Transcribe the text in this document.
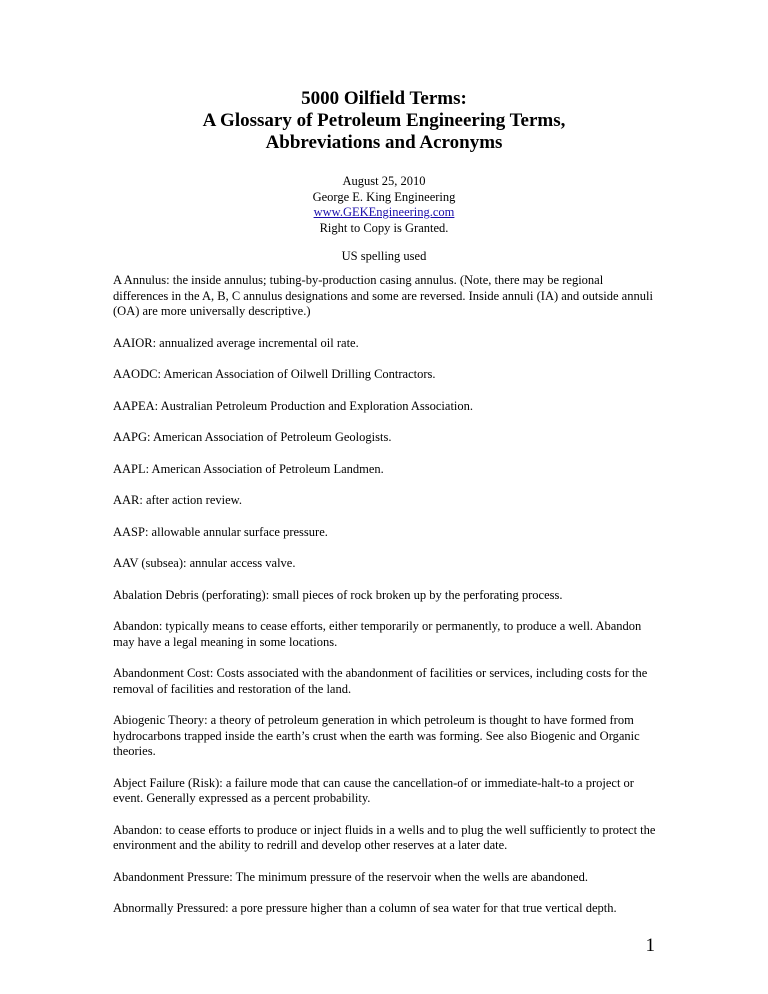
5000 Oilfield Terms:
A Glossary of Petroleum Engineering Terms,
Abbreviations and Acronyms
August 25, 2010
George E. King Engineering
www.GEKEngineering.com
Right to Copy is Granted.
US spelling used

A Annulus: the inside annulus; tubing-by-production casing annulus. (Note, there may be regional differences in the A, B, C annulus designations and some are reversed. Inside annuli (IA) and outside annuli (OA) are more universally descriptive.)

AAIOR: annualized average incremental oil rate.

AAODC: American Association of Oilwell Drilling Contractors.

AAPEA: Australian Petroleum Production and Exploration Association.

AAPG: American Association of Petroleum Geologists.

AAPL: American Association of Petroleum Landmen.

AAR: after action review.

AASP: allowable annular surface pressure.

AAV (subsea): annular access valve.

Abalation Debris (perforating): small pieces of rock broken up by the perforating process.

Abandon: typically means to cease efforts, either temporarily or permanently, to produce a well. Abandon may have a legal meaning in some locations.

Abandonment Cost: Costs associated with the abandonment of facilities or services, including costs for the removal of facilities and restoration of the land.

Abiogenic Theory: a theory of petroleum generation in which petroleum is thought to have formed from hydrocarbons trapped inside the earth’s crust when the earth was forming. See also Biogenic and Organic theories.

Abject Failure (Risk): a failure mode that can cause the cancellation-of or immediate-halt-to a project or event. Generally expressed as a percent probability.

Abandon: to cease efforts to produce or inject fluids in a wells and to plug the well sufficiently to protect the environment and the ability to redrill and develop other reserves at a later date.

Abandonment Pressure: The minimum pressure of the reservoir when the wells are abandoned.

Abnormally Pressured: a pore pressure higher than a column of sea water for that true vertical depth.

1
